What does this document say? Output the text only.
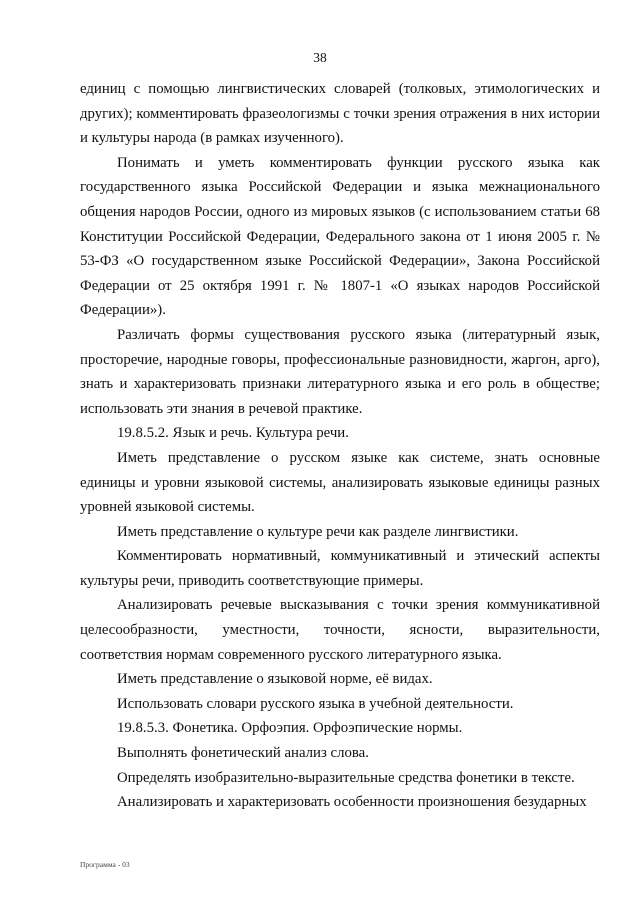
38

единиц с помощью лингвистических словарей (толковых, этимологических и других); комментировать фразеологизмы с точки зрения отражения в них истории и культуры народа (в рамках изученного).

Понимать и уметь комментировать функции русского языка как государственного языка Российской Федерации и языка межнационального общения народов России, одного из мировых языков (с использованием статьи 68 Конституции Российской Федерации, Федерального закона от 1 июня 2005 г. № 53-ФЗ «О государственном языке Российской Федерации», Закона Российской Федерации от 25 октября 1991 г. № 1807-1 «О языках народов Российской Федерации»).

Различать формы существования русского языка (литературный язык, просторечие, народные говоры, профессиональные разновидности, жаргон, арго), знать и характеризовать признаки литературного языка и его роль в обществе; использовать эти знания в речевой практике.

19.8.5.2. Язык и речь. Культура речи.

Иметь представление о русском языке как системе, знать основные единицы и уровни языковой системы, анализировать языковые единицы разных уровней языковой системы.

Иметь представление о культуре речи как разделе лингвистики.

Комментировать нормативный, коммуникативный и этический аспекты культуры речи, приводить соответствующие примеры.

Анализировать речевые высказывания с точки зрения коммуникативной целесообразности, уместности, точности, ясности, выразительности, соответствия нормам современного русского литературного языка.

Иметь представление о языковой норме, её видах.

Использовать словари русского языка в учебной деятельности.

19.8.5.3. Фонетика. Орфоэпия. Орфоэпические нормы.

Выполнять фонетический анализ слова.

Определять изобразительно-выразительные средства фонетики в тексте.

Анализировать и характеризовать особенности произношения безударных

Программа - 03
